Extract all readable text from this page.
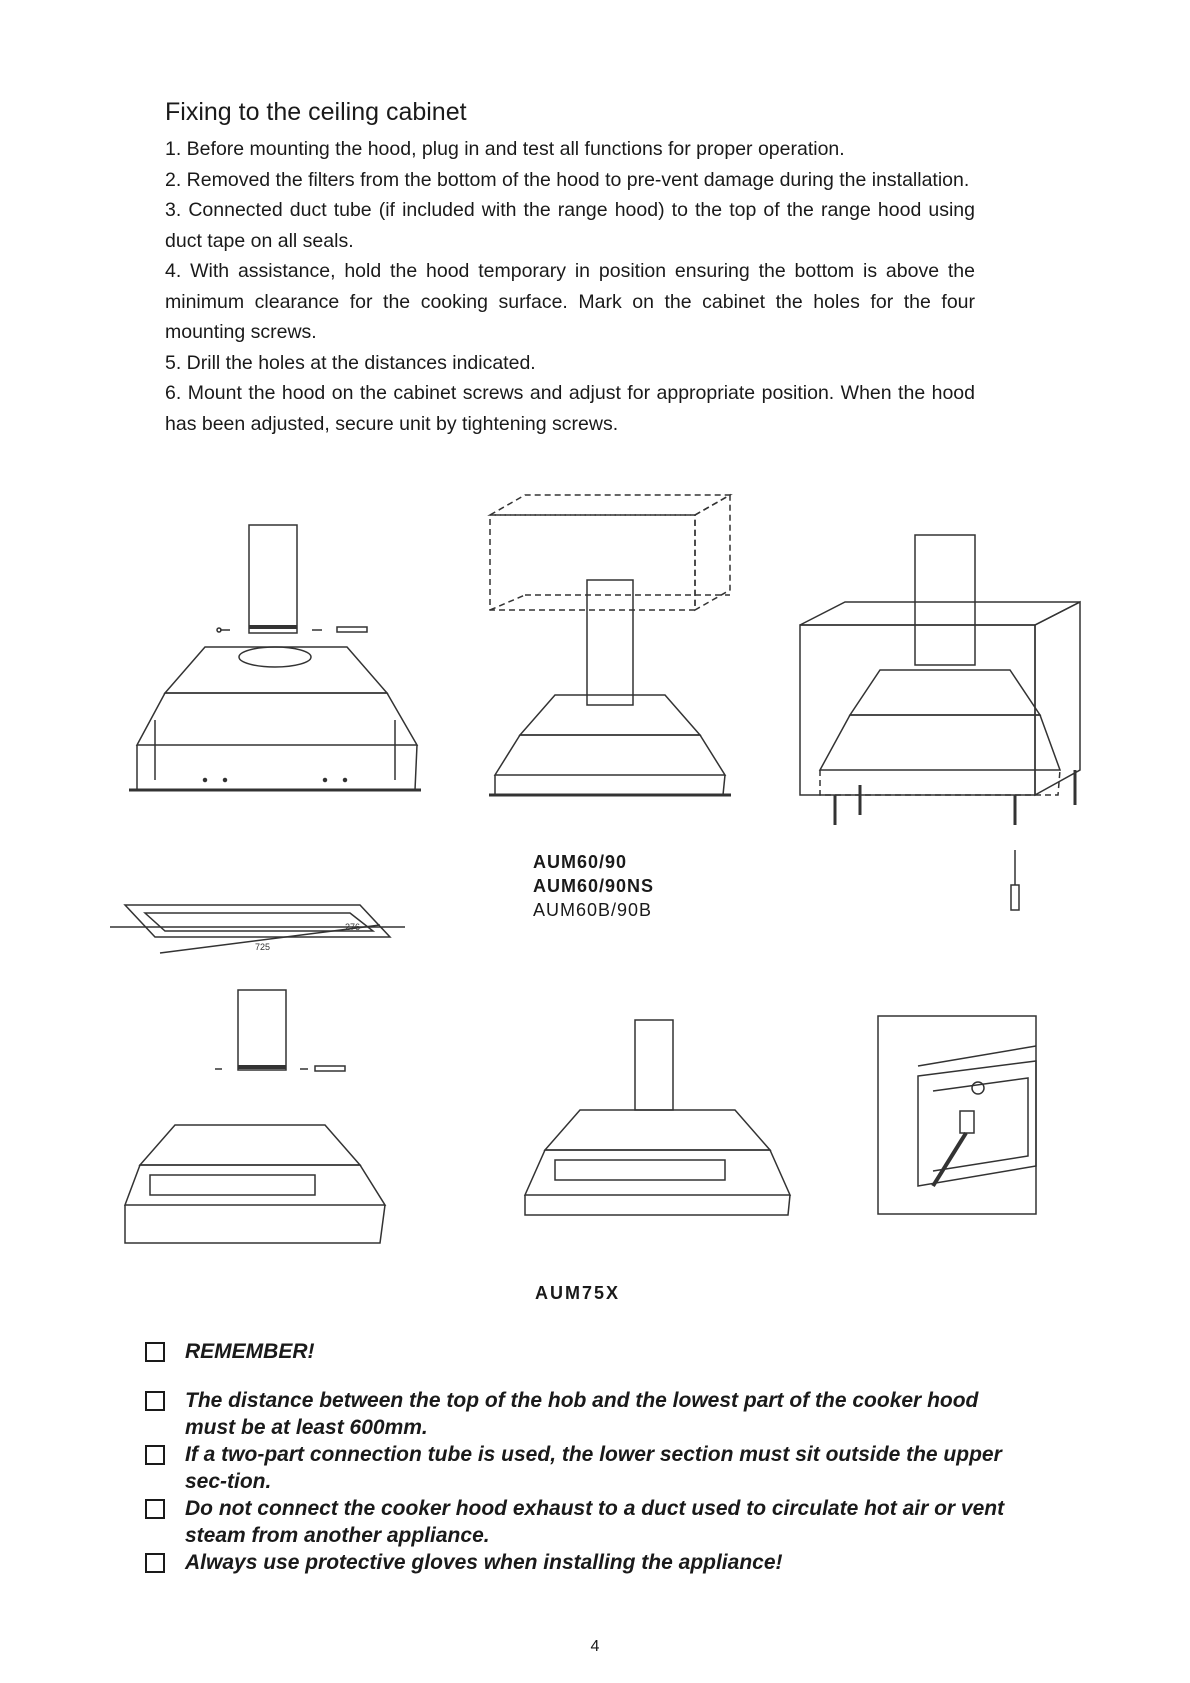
Fixing to the ceiling cabinet

1. Before mounting the hood, plug in and test all functions for proper operation.

2. Removed the filters from the bottom of the hood to pre-vent damage during the installation.

3. Connected duct tube (if included with the range hood) to the top of the range hood using duct tape on all seals.

4. With assistance, hold the hood temporary in position ensuring the bottom is above the minimum clearance for the cooking surface. Mark on the cabinet the holes for the four mounting screws.

5. Drill the holes at the distances indicated.

6. Mount the hood on the cabinet screws and adjust for appropriate position. When the hood has been adjusted, secure unit by tightening screws.

725
276
AUM60/90
AUM60/90NS
AUM60B/90B
AUM75X
REMEMBER!
The distance between the top of the hob and the lowest part of the cooker hood must be at least 600mm.
If a two-part connection tube is used, the lower section must sit outside the upper sec-tion.
Do not connect the cooker hood exhaust to a duct used to circulate hot air or vent steam from another appliance.
Always use protective gloves when installing the appliance!
4
